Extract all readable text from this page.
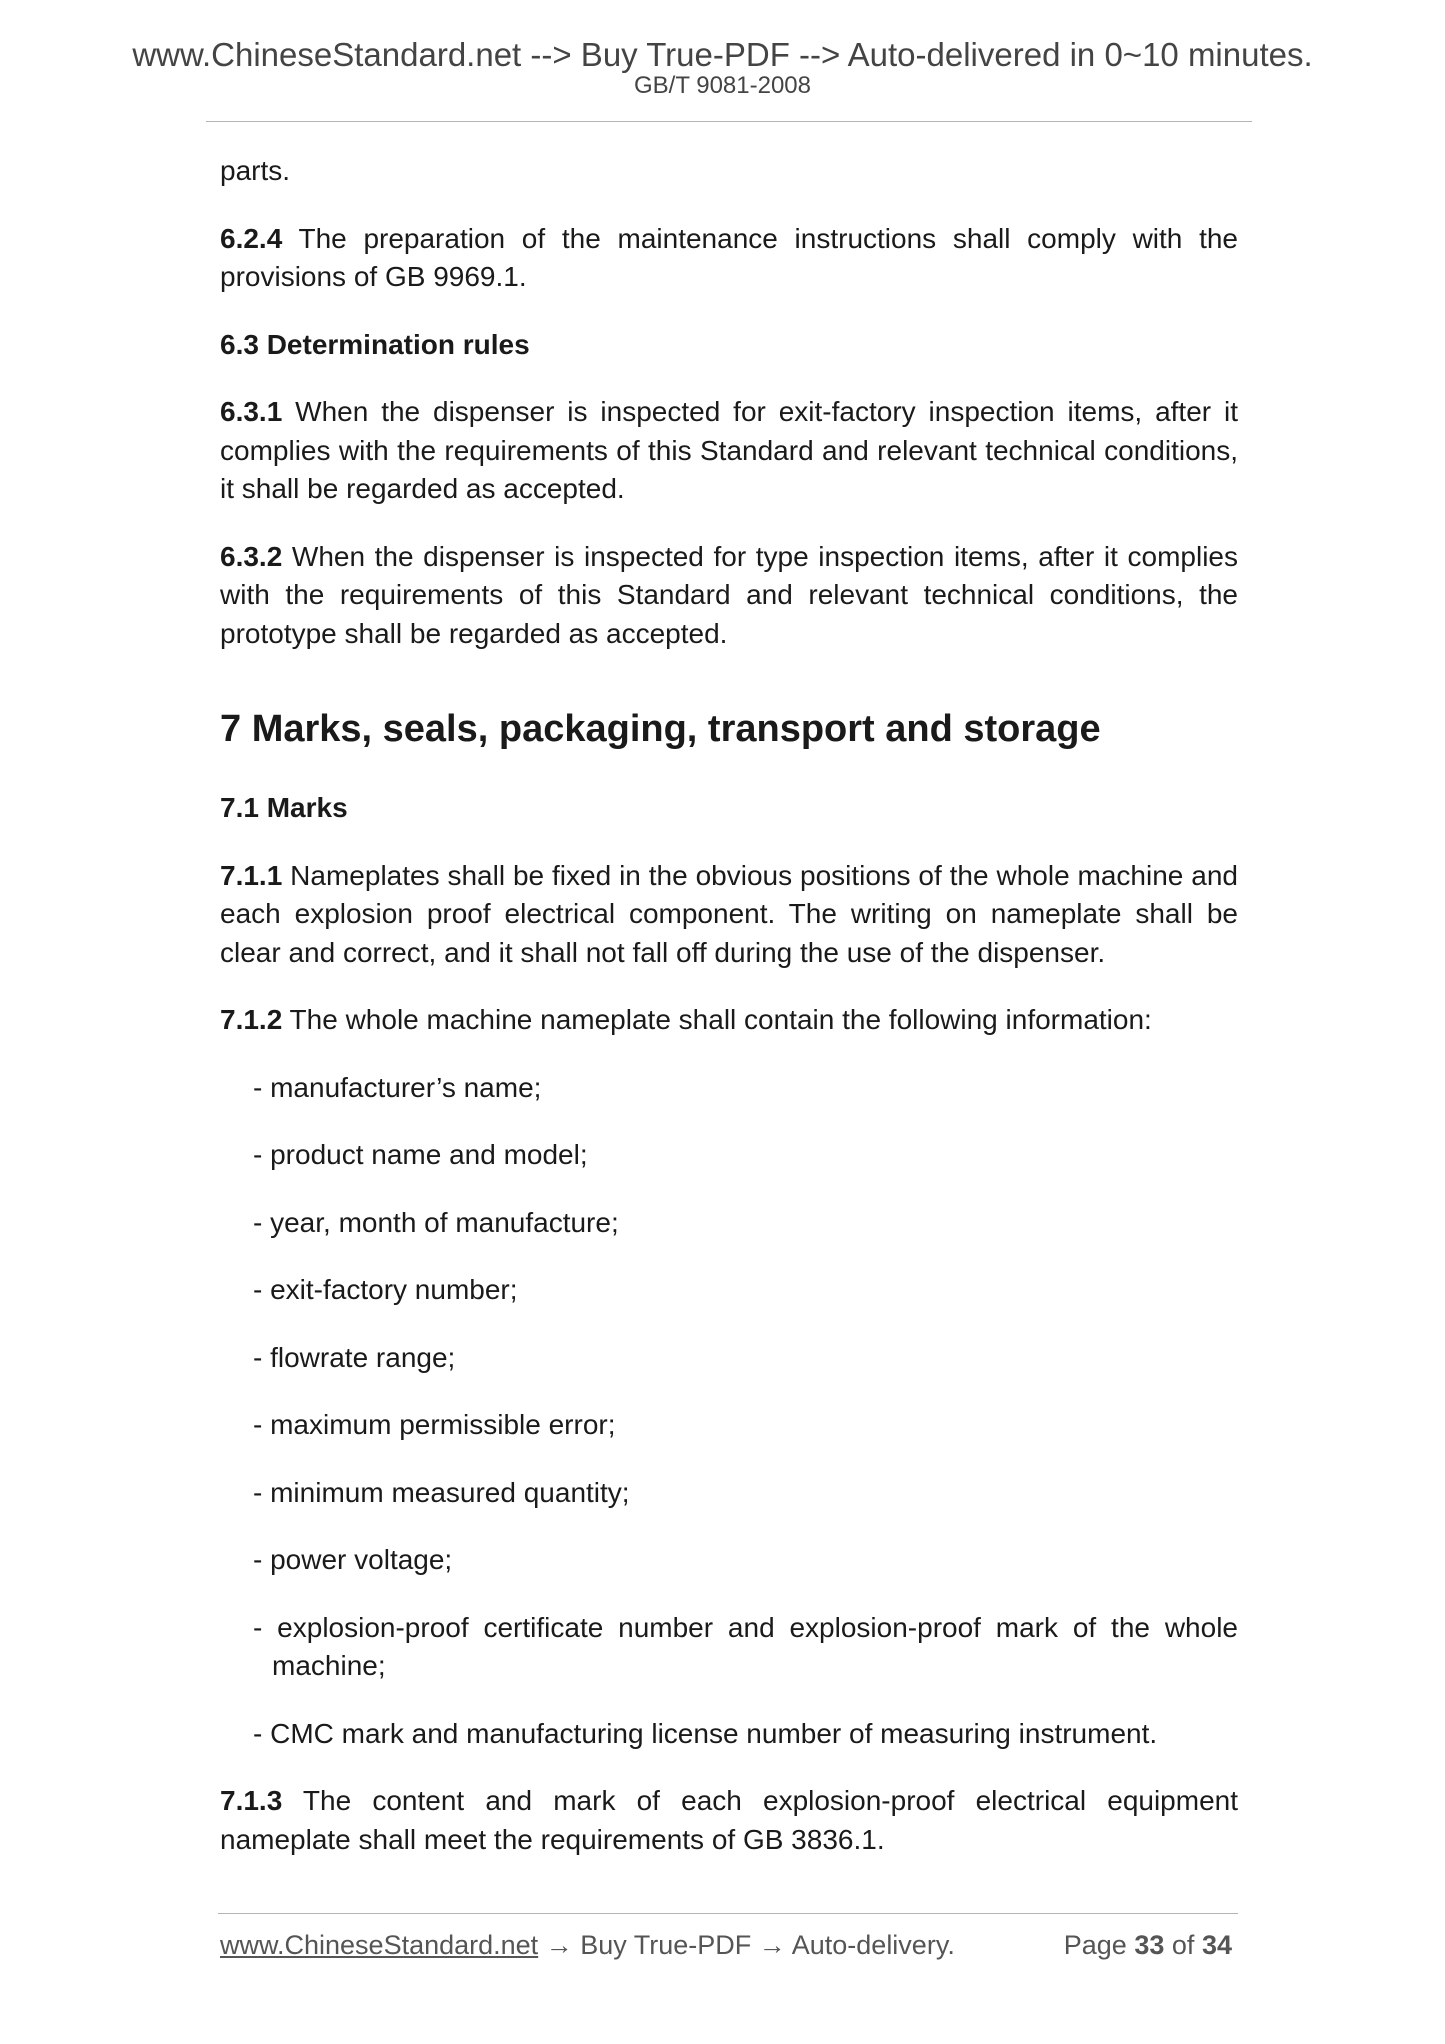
www.ChineseStandard.net --> Buy True-PDF --> Auto-delivered in 0~10 minutes.
GB/T 9081-2008

parts.

6.2.4 The preparation of the maintenance instructions shall comply with the provisions of GB 9969.1.

6.3 Determination rules

6.3.1 When the dispenser is inspected for exit-factory inspection items, after it complies with the requirements of this Standard and relevant technical conditions, it shall be regarded as accepted.

6.3.2 When the dispenser is inspected for type inspection items, after it complies with the requirements of this Standard and relevant technical conditions, the prototype shall be regarded as accepted.

7 Marks, seals, packaging, transport and storage
7.1 Marks

7.1.1 Nameplates shall be fixed in the obvious positions of the whole machine and each explosion proof electrical component. The writing on nameplate shall be clear and correct, and it shall not fall off during the use of the dispenser.

7.1.2 The whole machine nameplate shall contain the following information:

- manufacturer’s name;
- product name and model;
- year, month of manufacture;
- exit-factory number;
- flowrate range;
- maximum permissible error;
- minimum measured quantity;
- power voltage;
- explosion-proof certificate number and explosion-proof mark of the whole machine;
- CMC mark and manufacturing license number of measuring instrument.

7.1.3 The content and mark of each explosion-proof electrical equipment nameplate shall meet the requirements of GB 3836.1.

www.ChineseStandard.net → Buy True-PDF → Auto-delivery.	Page 33 of 34
